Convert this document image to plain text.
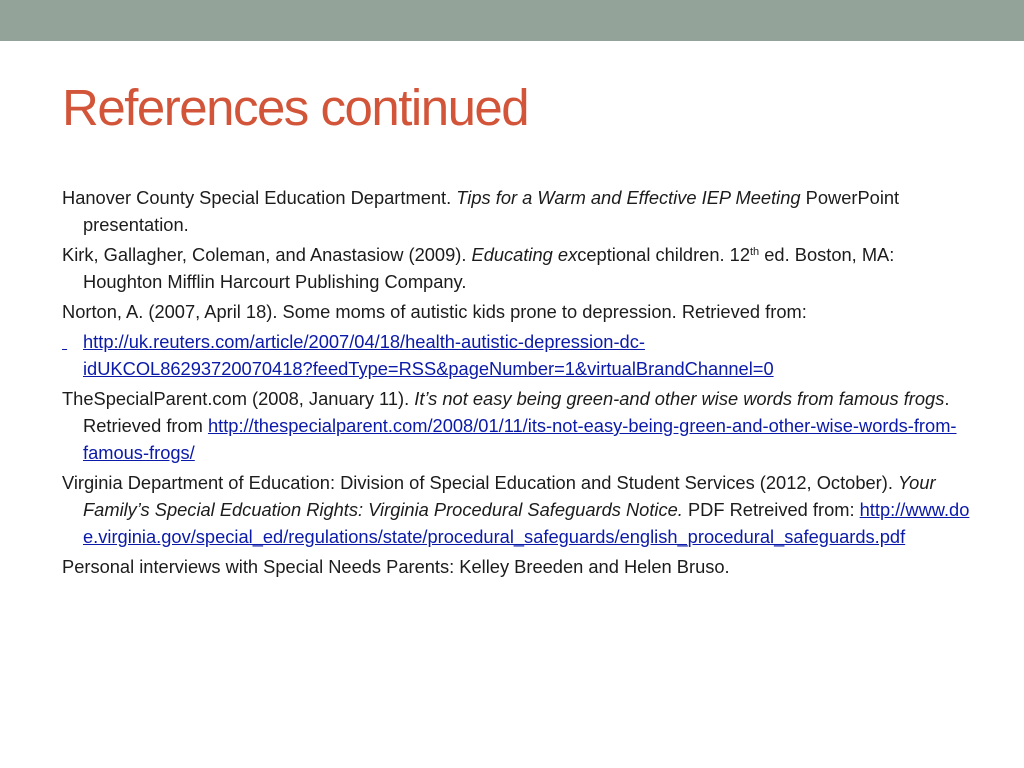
References continued

Hanover County Special Education Department. Tips for a Warm and Effective IEP Meeting PowerPoint presentation.

Kirk, Gallagher, Coleman, and Anastasiow (2009). Educating exceptional children. 12th ed. Boston, MA: Houghton Mifflin Harcourt Publishing Company.

Norton, A. (2007, April 18). Some moms of autistic kids prone to depression. Retrieved from:

http://uk.reuters.com/article/2007/04/18/health-autistic-depression-dc-
idUKCOL86293720070418?feedType=RSS&pageNumber=1&virtualBrandChannel=0

TheSpecialParent.com (2008, January 11). It’s not easy being green-and other wise words from famous frogs. Retrieved from http://thespecialparent.com/2008/01/11/its-not-easy-being-green-and-other-wise-words-from-famous-frogs/

Virginia Department of Education: Division of Special Education and Student Services (2012, October). Your Family’s Special Edcuation Rights: Virginia Procedural Safeguards Notice. PDF Retreived from: http://www.doe.virginia.gov/special_ed/regulations/state/procedural_safeguards/english_procedural_safeguards.pdf

Personal interviews with Special Needs Parents: Kelley Breeden and Helen Bruso.
